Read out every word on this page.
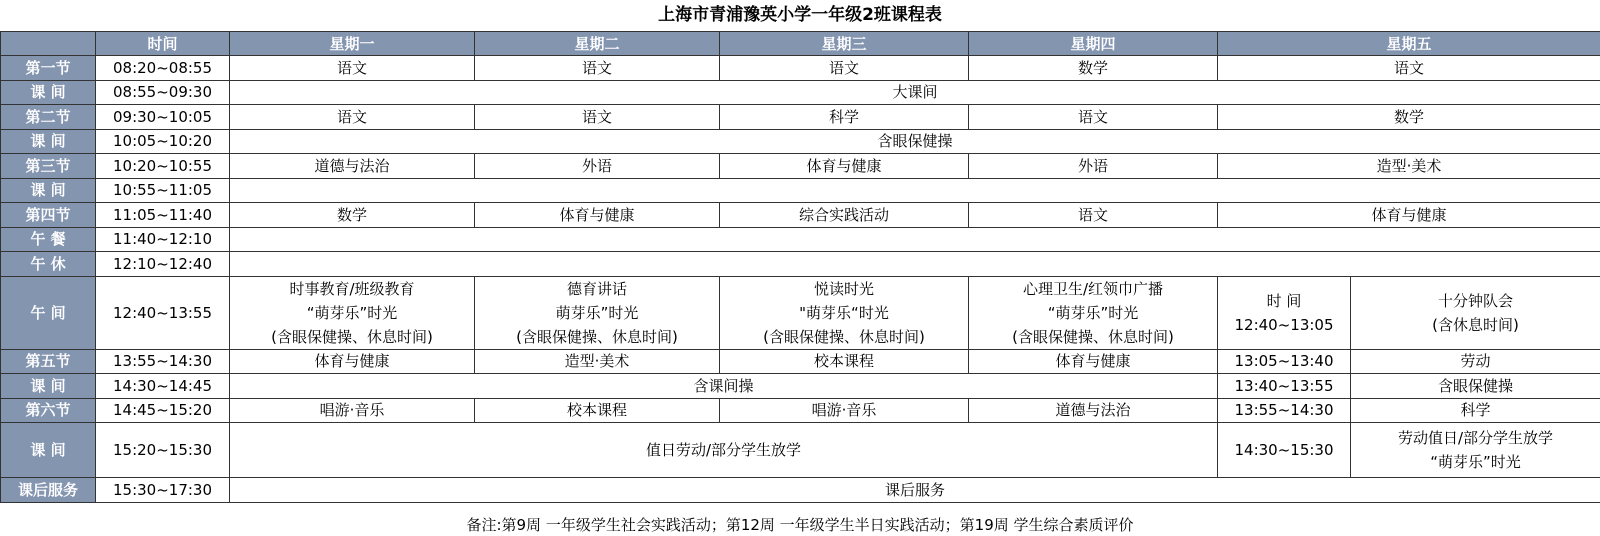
上海市青浦豫英小学一年级2班课程表
	时间	星期一	星期二	星期三	星期四	星期五	
第一节	08:20~08:55	语文	语文	语文	数学	语文	
课 间	08:55~09:30	大课间					
第二节	09:30~10:05	语文	语文	科学	语文	数学	
课 间	10:05~10:20	含眼保健操					
第三节	10:20~10:55	道德与法治	外语	体育与健康	外语	造型·美术	
课 间	10:55~11:05						
第四节	11:05~11:40	数学	体育与健康	综合实践活动	语文	体育与健康	
午 餐	11:40~12:10						
午 休	12:10~12:40						
午 间	12:40~13:55	时事教育/班级教育
“萌芽乐”时光
(含眼保健操、休息时间)	德育讲话
萌芽乐”时光
(含眼保健操、休息时间)	悦读时光
"萌芽乐“时光
(含眼保健操、休息时间)	心理卫生/红领巾广播
“萌芽乐”时光
(含眼保健操、休息时间)	时 间
12:40~13:05	十分钟队会
(含休息时间)

第五节	13:55~14:30	体育与健康	造型·美术	校本课程	体育与健康	13:05~13:40	劳动
课 间	14:30~14:45	含课间操				13:40~13:55	含眼保健操
第六节	14:45~15:20	唱游·音乐	校本课程	唱游·音乐	道德与法治	13:55~14:30	科学
课 间	15:20~15:30	值日劳动/部分学生放学				14:30~15:30	劳动值日/部分学生放学
“萌芽乐”时光

课后服务	15:30~17:30	课后服务					
备注:第9周 一年级学生社会实践活动；第12周 一年级学生半日实践活动；第19周 学生综合素质评价
